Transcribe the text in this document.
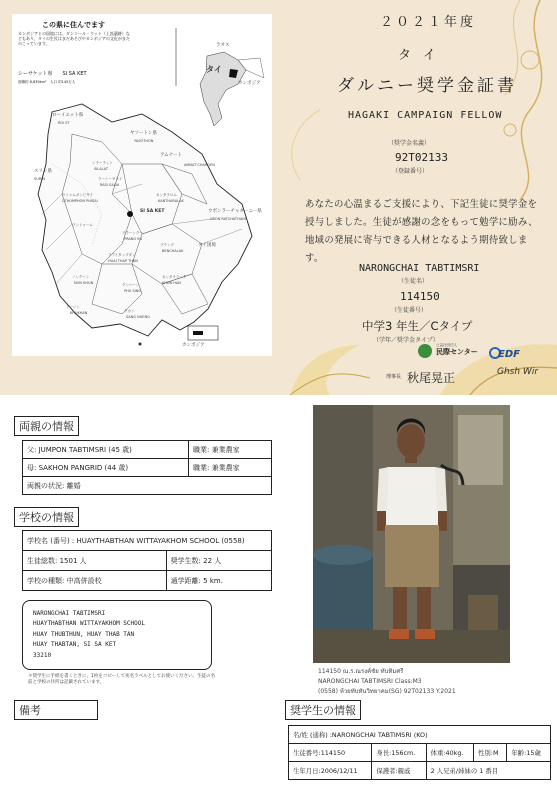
この県に住んでます
カンボジアとの国境には、ダンコール・ウット（上流遺跡）などもあり、タイの生民はまだあそびやカンボジアの文化がまだのこっています。
シーサケット県　　SI SA KET
面積約 8,839km²　人口 約145万人
ラオス
タイ
カンボジア
ローイエット県
ROI ET
ヤソートン県
YASOTHON
アムナート
AMNAT CHAROEN
スリン県
SURIN
ウボンラーチャターニー県
UBON RATCHATHANI
SI SA KET
タイ国境
カンボジア
シラーラット
SILALAT
ラーシーサライ
RASI SALAI
ウトゥムポンピサイ
UTHUMPHON PHISAI
カンタラロム
KANTHARALAK
ラントゥーム
プラーンクー
PRANG KU
フアイタップタン
HUAI THAP THAN
ブラング
BENCHALAK
ノンクーン
NON KHUN
カンタララック
KHUN HAN
クンハーン
PHU SING
プーシン
KHUKHAN	クカン
SANG NUENG
２０２１年度
タイ
ダルニー奨学金証書
HAGAKI CAMPAIGN FELLOW
（奨学金名義）
92T02133
（登録番号）
あなたの心温まるご支援により、下記生徒に奨学金を授与しました。生徒が感謝の念をもって勉学に励み、地域の発展に寄与できる人材となるよう期待致します。
NARONGCHAI TABTIMSRI
（生徒名）
114150
（生徒番号）
中学3 年生／Cタイプ
（学年／奨学金タイプ）
公益社団法人
民際センター EDF
理事長 秋尾晃正	Ghsh Wir
両親の情報
父: JUMPON TABTIMSRI (45 歳)	職業: 兼業農家
母: SAKHON PANGRID (44 歳)	職業: 兼業農家
両親の状況: 離婚	
学校の情報
学校名 (番号) : HUAYTHABTHAN WITTAYAKHOM SCHOOL (0558)	
生徒総数: 1501 人	奨学生数: 22 人
学校の種類: 中高併設校	通学距離: 5 km.
NARONGCHAI TABTIMSRI
HUAYTHABTHAN WITTAYAKHOM SCHOOL
HUAY THUBTHUN, HUAY THAB TAN
HUAY THABTAN, SI SA KET
33210
＊奨学生に手紙を書くときに、1枚をコピーして宛名ラベルとしてお使いください。生徒の名前と学校の住所は記載されています。
114150 ณ.ร.ณรงค์ชัย ทับทิมศรี
NARONGCHAI TABTIMSRI Class:M3
(0558) ห้วยทับทันวิทยาคม(SG) 92T02133 Y.2021
備考	奨学生の情報
名/姓 (通称) :NARONGCHAI TABTIMSRI (KO)				
生徒番号:114150	身長:156cm.	体重:40kg.	性別:M	年齢:15歳
生年月日:2006/12/11	保護者:親戚	2 人兄弟/姉妹の 1 番目		
